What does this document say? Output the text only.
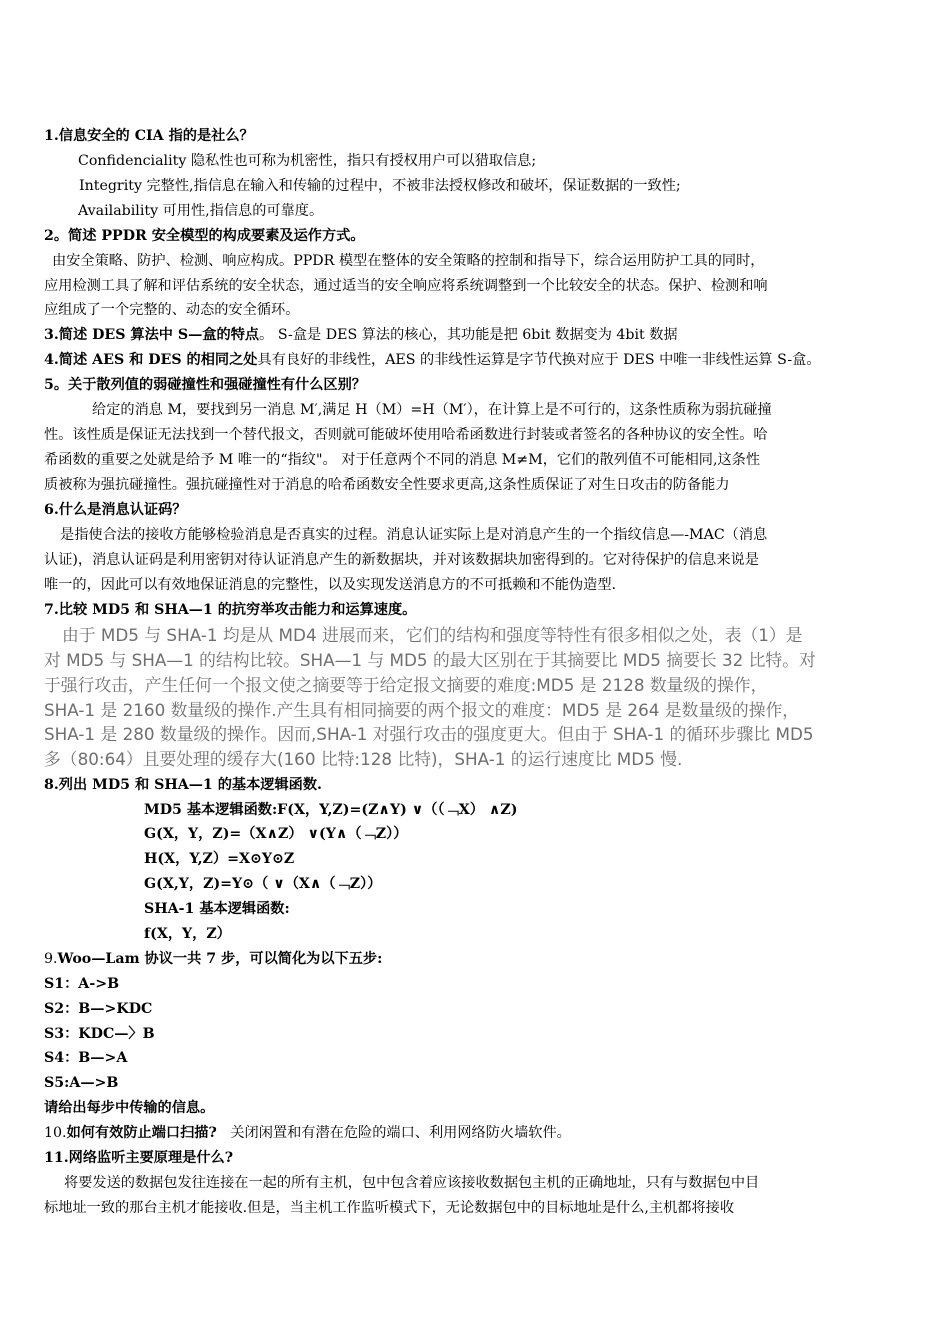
1.信息安全的 CIA 指的是社么？
Confidenciality 隐私性也可称为机密性，指只有授权用户可以猎取信息;
Integrity 完整性,指信息在输入和传输的过程中，不被非法授权修改和破坏，保证数据的一致性;
Availability 可用性,指信息的可靠度。
2。简述 PPDR 安全模型的构成要素及运作方式。
由安全策略、防护、检测、响应构成。PPDR 模型在整体的安全策略的控制和指导下，综合运用防护工具的同时，
应用检测工具了解和评估系统的安全状态，通过适当的安全响应将系统调整到一个比较安全的状态。保护、检测和响
应组成了一个完整的、动态的安全循环。
3.简述 DES 算法中 S—盒的特点。 S-盒是 DES 算法的核心，其功能是把 6bit 数据变为 4bit 数据
4.简述 AES 和 DES 的相同之处具有良好的非线性，AES 的非线性运算是字节代换对应于 DES 中唯一非线性运算 S-盒。
5。关于散列值的弱碰撞性和强碰撞性有什么区别？
给定的消息 M，要找到另一消息 M′,满足 H（M）=H（M′），在计算上是不可行的，这条性质称为弱抗碰撞
性。该性质是保证无法找到一个替代报文，否则就可能破坏使用哈希函数进行封装或者签名的各种协议的安全性。哈
希函数的重要之处就是给予 M 唯一的“指纹"。 对于任意两个不同的消息 M≠M，它们的散列值不可能相同,这条性
质被称为强抗碰撞性。强抗碰撞性对于消息的哈希函数安全性要求更高,这条性质保证了对生日攻击的防备能力
6.什么是消息认证码？
是指使合法的接收方能够检验消息是否真实的过程。消息认证实际上是对消息产生的一个指纹信息—-MAC（消息
认证)，消息认证码是利用密钥对待认证消息产生的新数据块，并对该数据块加密得到的。它对待保护的信息来说是
唯一的，因此可以有效地保证消息的完整性，以及实现发送消息方的不可抵赖和不能伪造型.
7.比较 MD5 和 SHA—1 的抗穷举攻击能力和运算速度。
由于 MD5 与 SHA-1 均是从 MD4 进展而来，它们的结构和强度等特性有很多相似之处，表（1）是
对 MD5 与 SHA—1 的结构比较。SHA—1 与 MD5 的最大区别在于其摘要比 MD5 摘要长 32 比特。对
于强行攻击，产生任何一个报文使之摘要等于给定报文摘要的难度:MD5 是 2128 数量级的操作，
SHA-1 是 2160 数量级的操作.产生具有相同摘要的两个报文的难度：MD5 是 264 是数量级的操作，
SHA-1 是 280 数量级的操作。因而,SHA-1 对强行攻击的强度更大。但由于 SHA-1 的循环步骤比 MD5
多（80:64）且要处理的缓存大(160 比特:128 比特)，SHA-1 的运行速度比 MD5 慢.
8.列出 MD5 和 SHA—1 的基本逻辑函数.
MD5 基本逻辑函数:F(X，Y,Z)=(Z∧Y) ∨（（﹁X） ∧Z)
G(X，Y，Z)=（X∧Z） ∨(Y∧（﹁Z））
H(X，Y,Z）=X⊙Y⊙Z
G(X,Y，Z)=Y⊙（ ∨（X∧（﹁Z））
SHA-1 基本逻辑函数:
f(X，Y，Z）
9.Woo—Lam 协议一共 7 步，可以简化为以下五步:
S1：A->B
S2：B—>KDC
S3：KDC—〉B
S4：B—>A
S5:A—>B
请给出每步中传输的信息。
10.如何有效防止端口扫描? 关闭闲置和有潜在危险的端口、利用网络防火墙软件。
11.网络监听主要原理是什么?
将要发送的数据包发往连接在一起的所有主机，包中包含着应该接收数据包主机的正确地址，只有与数据包中目
标地址一致的那台主机才能接收.但是，当主机工作监听模式下，无论数据包中的目标地址是什么,主机都将接收
